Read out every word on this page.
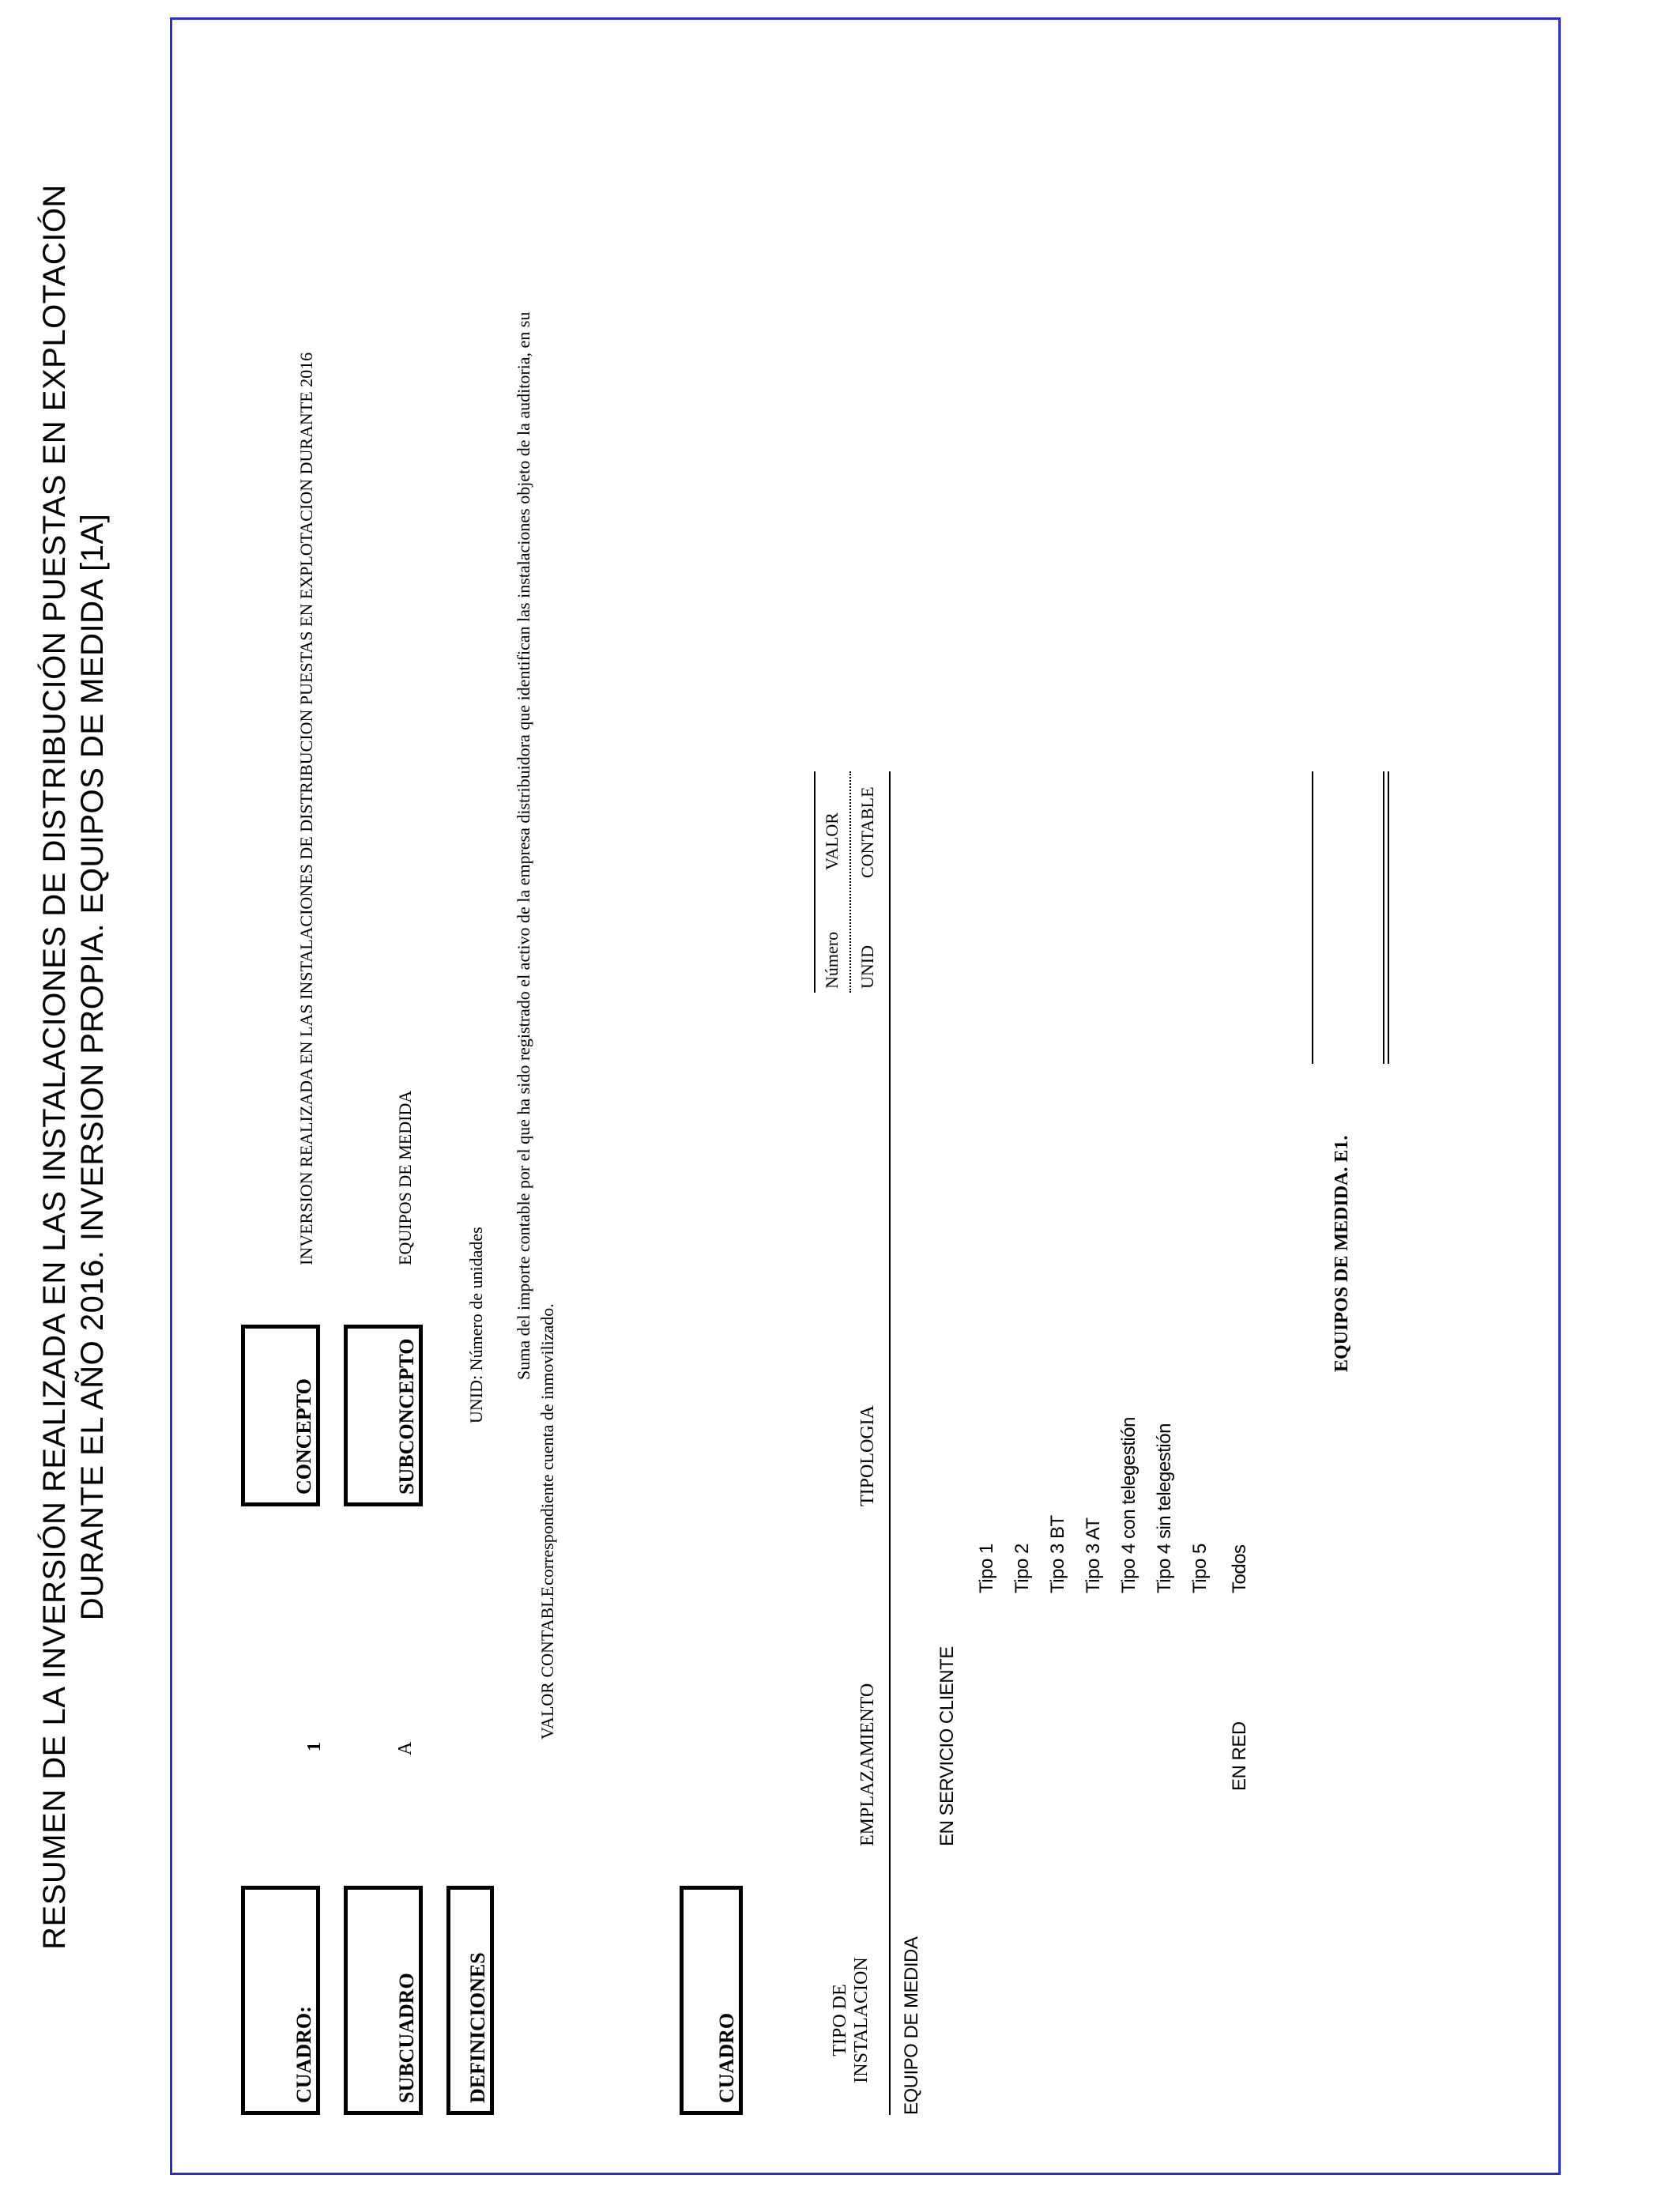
RESUMEN DE LA INVERSIÓN REALIZADA EN LAS INSTALACIONES DE DISTRIBUCIÓN PUESTAS EN EXPLOTACIÓN DURANTE EL AÑO 2016. INVERSION PROPIA. EQUIPOS DE MEDIDA [1A]
CUADRO:
1
CONCEPTO
INVERSION REALIZADA EN LAS INSTALACIONES DE DISTRIBUCION PUESTAS EN EXPLOTACION DURANTE 2016
SUBCUADRO
A
SUBCONCEPTO
EQUIPOS DE MEDIDA
DEFINICIONES
UNID: Número de unidades Suma del importe contable por el que ha sido registrado el activo de la empresa distribuidora que identifican las instalaciones objeto de la auditoria, en su
VALOR CONTABLE
correspondiente cuenta de inmovilizado.
CUADRO	TIPO DE INSTALACION
EMPLAZAMIENTO
TIPOLOGIA
Número
VALOR
UNID
CONTABLE
EQUIPO DE MEDIDA
EN SERVICIO CLIENTE
Tipo 1 Tipo 2 Tipo 3 BT Tipo 3 AT Tipo 4 con telegestión Tipo 4 sin telegestión Tipo 5
EN RED
Todos
EQUIPOS DE MEDIDA. E1.
